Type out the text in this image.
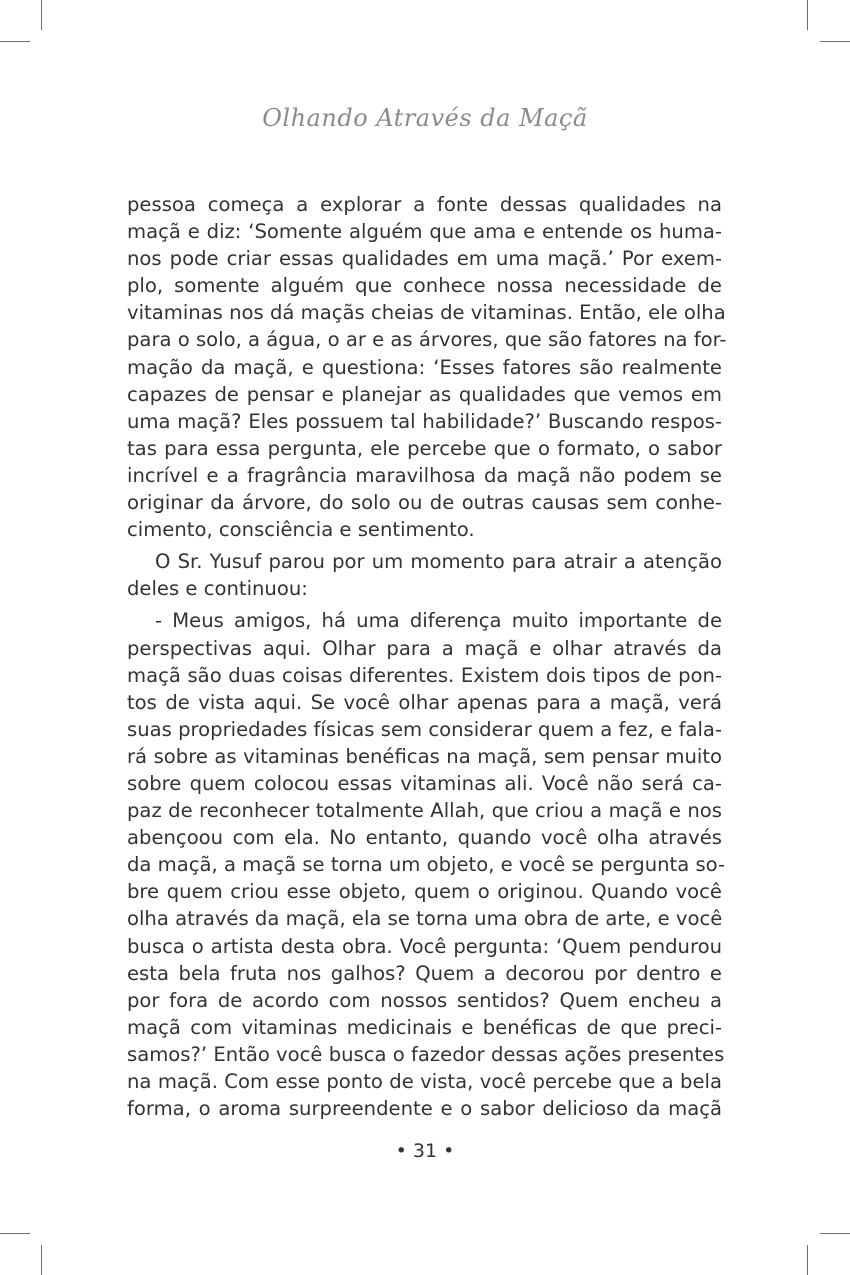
Olhando Através da Maçã
pessoa começa a explorar a fonte dessas qualidades na
maçã e diz: ‘Somente alguém que ama e entende os huma-
nos pode criar essas qualidades em uma maçã.’ Por exem-
plo, somente alguém que conhece nossa necessidade de
vitaminas nos dá maçãs cheias de vitaminas. Então, ele olha
para o solo, a água, o ar e as árvores, que são fatores na for-
mação da maçã, e questiona: ‘Esses fatores são realmente
capazes de pensar e planejar as qualidades que vemos em
uma maçã? Eles possuem tal habilidade?’ Buscando respos-
tas para essa pergunta, ele percebe que o formato, o sabor
incrível e a fragrância maravilhosa da maçã não podem se
originar da árvore, do solo ou de outras causas sem conhe-
cimento, consciência e sentimento.
O Sr. Yusuf parou por um momento para atrair a atenção
deles e continuou:
- Meus amigos, há uma diferença muito importante de
perspectivas aqui. Olhar para a maçã e olhar através da
maçã são duas coisas diferentes. Existem dois tipos de pon-
tos de vista aqui. Se você olhar apenas para a maçã, verá
suas propriedades físicas sem considerar quem a fez, e fala-
rá sobre as vitaminas benéficas na maçã, sem pensar muito
sobre quem colocou essas vitaminas ali. Você não será ca-
paz de reconhecer totalmente Allah, que criou a maçã e nos
abençoou com ela. No entanto, quando você olha através
da maçã, a maçã se torna um objeto, e você se pergunta so-
bre quem criou esse objeto, quem o originou. Quando você
olha através da maçã, ela se torna uma obra de arte, e você
busca o artista desta obra. Você pergunta: ‘Quem pendurou
esta bela fruta nos galhos? Quem a decorou por dentro e
por fora de acordo com nossos sentidos? Quem encheu a
maçã com vitaminas medicinais e benéficas de que preci-
samos?’ Então você busca o fazedor dessas ações presentes
na maçã. Com esse ponto de vista, você percebe que a bela
forma, o aroma surpreendente e o sabor delicioso da maçã
• 31 •
